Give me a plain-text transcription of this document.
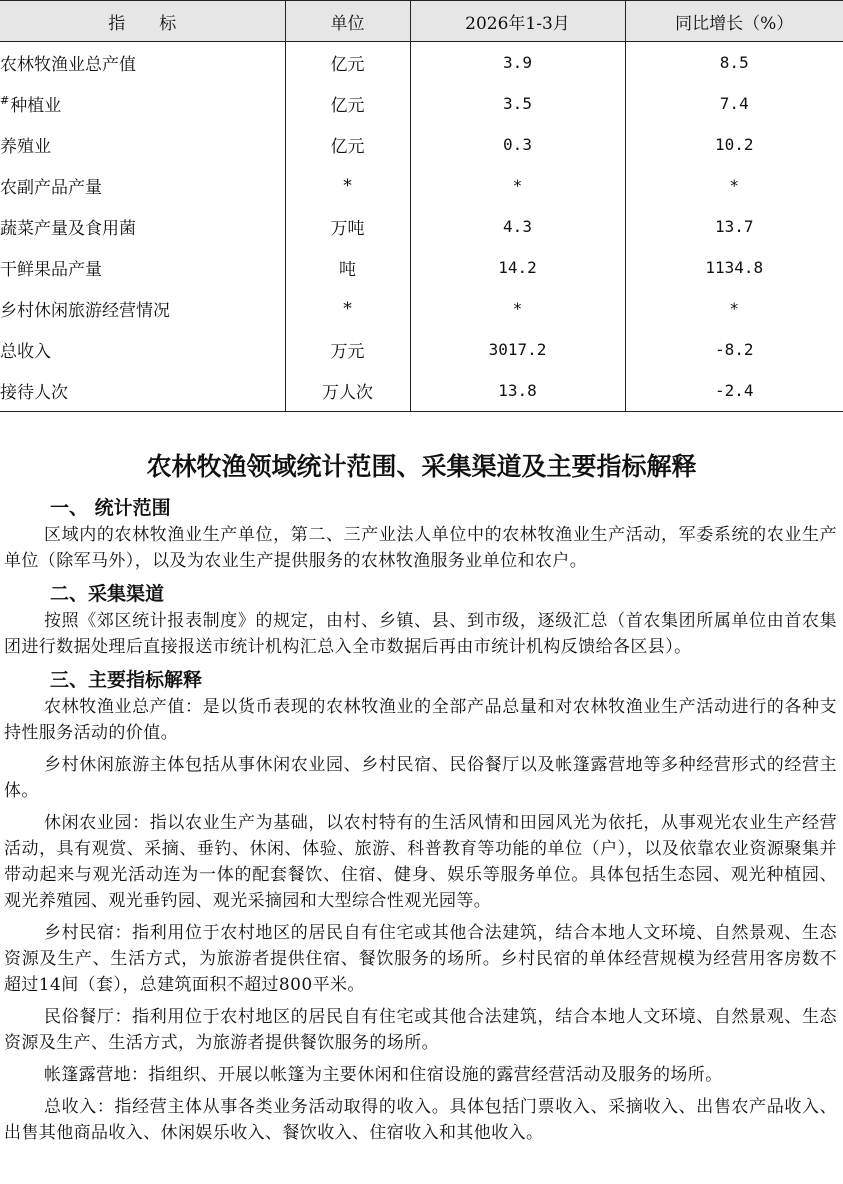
指　　标	单位	2026年1-3月	同比增长（%）
农林牧渔业总产值	亿元	3.9	8.5
#种植业	亿元	3.5	7.4
养殖业	亿元	0.3	10.2
农副产品产量	*	*	*
蔬菜产量及食用菌	万吨	4.3	13.7
干鲜果品产量	吨	14.2	1134.8
乡村休闲旅游经营情况	*	*	*
总收入	万元	3017.2	-8.2
接待人次	万人次	13.8	-2.4
农林牧渔领域统计范围、采集渠道及主要指标解释
一、 统计范围

区域内的农林牧渔业生产单位，第二、三产业法人单位中的农林牧渔业生产活动，军委系统的农业生产单位（除军马外），以及为农业生产提供服务的农林牧渔服务业单位和农户。

二、采集渠道

按照《郊区统计报表制度》的规定，由村、乡镇、县、到市级，逐级汇总（首农集团所属单位由首农集团进行数据处理后直接报送市统计机构汇总入全市数据后再由市统计机构反馈给各区县）。

三、主要指标解释

农林牧渔业总产值：是以货币表现的农林牧渔业的全部产品总量和对农林牧渔业生产活动进行的各种支持性服务活动的价值。

乡村休闲旅游主体包括从事休闲农业园、乡村民宿、民俗餐厅以及帐篷露营地等多种经营形式的经营主体。

休闲农业园：指以农业生产为基础，以农村特有的生活风情和田园风光为依托，从事观光农业生产经营活动，具有观赏、采摘、垂钓、休闲、体验、旅游、科普教育等功能的单位（户），以及依靠农业资源聚集并带动起来与观光活动连为一体的配套餐饮、住宿、健身、娱乐等服务单位。具体包括生态园、观光种植园、观光养殖园、观光垂钓园、观光采摘园和大型综合性观光园等。

乡村民宿：指利用位于农村地区的居民自有住宅或其他合法建筑，结合本地人文环境、自然景观、生态资源及生产、生活方式，为旅游者提供住宿、餐饮服务的场所。乡村民宿的单体经营规模为经营用客房数不超过14间（套），总建筑面积不超过800平米。

民俗餐厅：指利用位于农村地区的居民自有住宅或其他合法建筑，结合本地人文环境、自然景观、生态资源及生产、生活方式，为旅游者提供餐饮服务的场所。

帐篷露营地：指组织、开展以帐篷为主要休闲和住宿设施的露营经营活动及服务的场所。

总收入：指经营主体从事各类业务活动取得的收入。具体包括门票收入、采摘收入、出售农产品收入、出售其他商品收入、休闲娱乐收入、餐饮收入、住宿收入和其他收入。
